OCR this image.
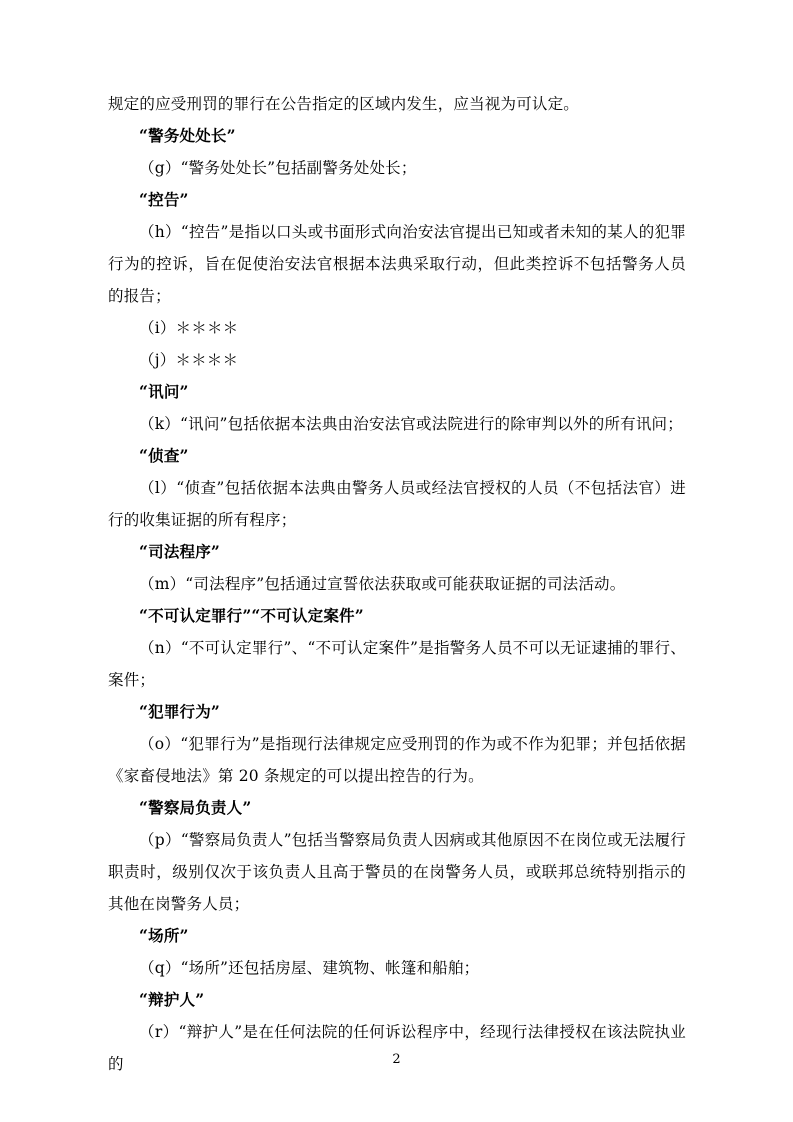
规定的应受刑罚的罪行在公告指定的区域内发生，应当视为可认定。

“警务处处长”

（g）“警务处处长”包括副警务处处长；

“控告”

（h）“控告”是指以口头或书面形式向治安法官提出已知或者未知的某人的犯罪行为的控诉，旨在促使治安法官根据本法典采取行动，但此类控诉不包括警务人员的报告；

（i）＊＊＊＊

（j）＊＊＊＊

“讯问”

（k）“讯问”包括依据本法典由治安法官或法院进行的除审判以外的所有讯问；

“侦查”

（l）“侦查”包括依据本法典由警务人员或经法官授权的人员（不包括法官）进行的收集证据的所有程序；

“司法程序”

（m）“司法程序”包括通过宣誓依法获取或可能获取证据的司法活动。

“不可认定罪行”“不可认定案件”

（n）“不可认定罪行”、“不可认定案件”是指警务人员不可以无证逮捕的罪行、案件；

“犯罪行为”

（o）“犯罪行为”是指现行法律规定应受刑罚的作为或不作为犯罪；并包括依据《家畜侵地法》第 20 条规定的可以提出控告的行为。

“警察局负责人”

（p）“警察局负责人”包括当警察局负责人因病或其他原因不在岗位或无法履行职责时，级别仅次于该负责人且高于警员的在岗警务人员，或联邦总统特别指示的其他在岗警务人员；

“场所”

（q）“场所”还包括房屋、建筑物、帐篷和船舶；

“辩护人”

（r）“辩护人”是在任何法院的任何诉讼程序中，经现行法律授权在该法院执业的	2
